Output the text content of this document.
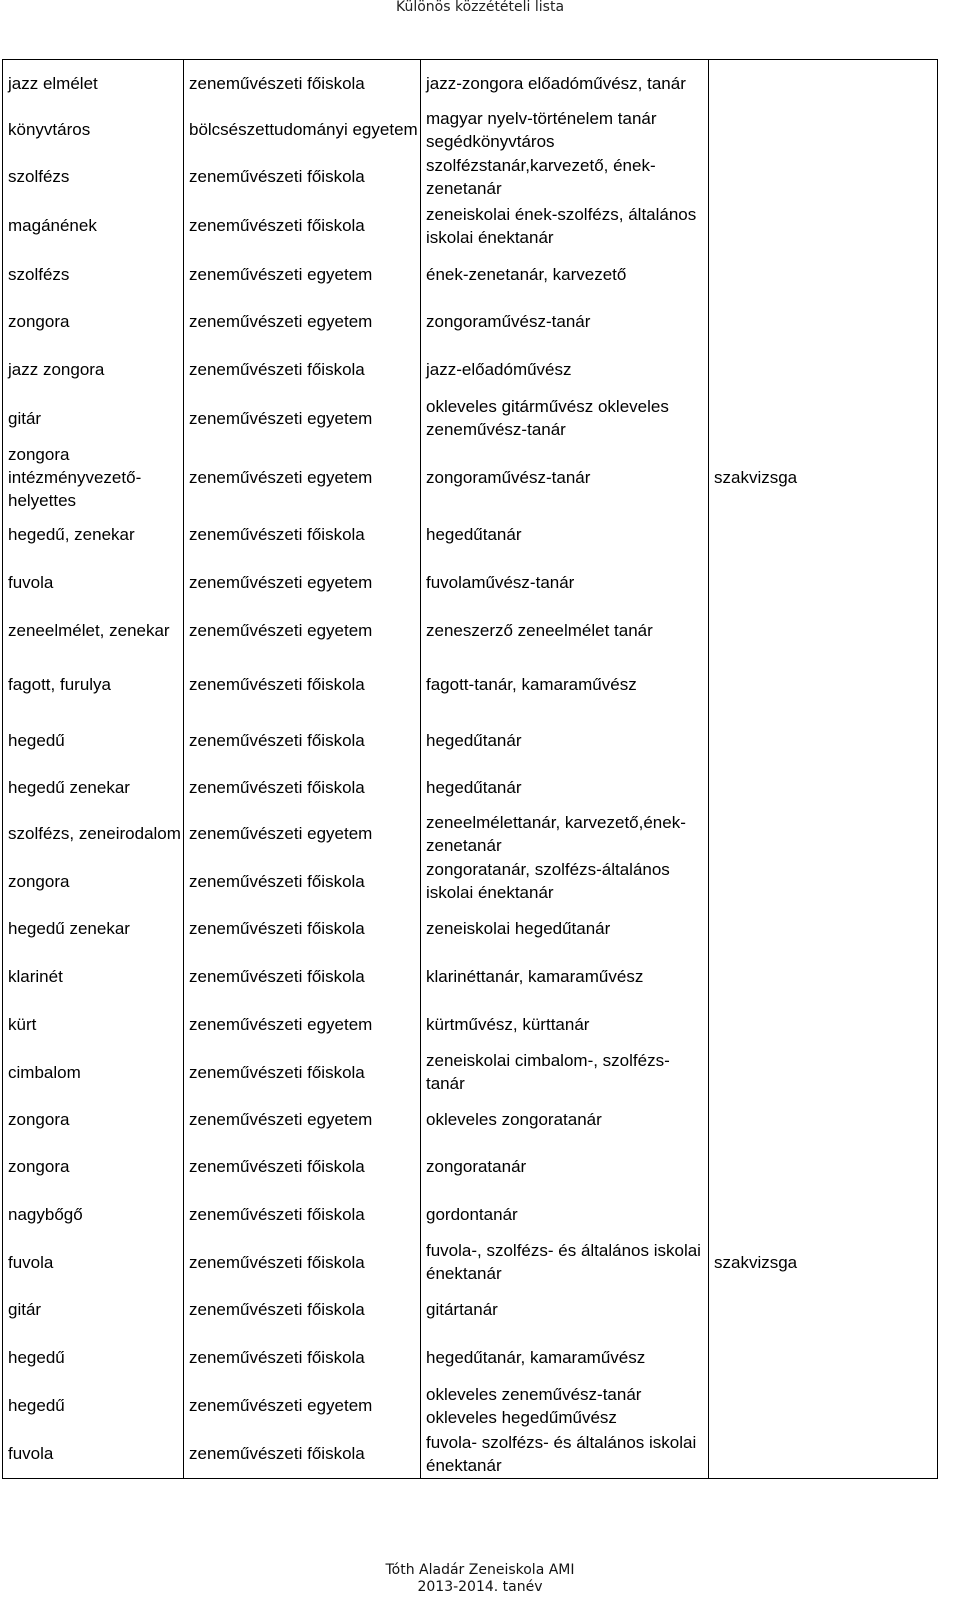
Különös közzétételi lista
jazz elmélet	zeneművészeti főiskola	jazz-zongora előadóművész, tanár	
könyvtáros	bölcsészettudományi egyetem	magyar nyelv-történelem tanár segédkönyvtáros	
szolfézs	zeneművészeti főiskola	szolfézstanár,karvezető, ének-zenetanár	
magánének	zeneművészeti főiskola	zeneiskolai ének-szolfézs, általános iskolai énektanár	
szolfézs	zeneművészeti egyetem	ének-zenetanár, karvezető	
zongora	zeneművészeti egyetem	zongoraművész-tanár	
jazz zongora	zeneművészeti főiskola	jazz-előadóművész	
gitár	zeneművészeti egyetem	okleveles gitárművész okleveles zeneművész-tanár	
zongora intézményvezető-helyettes	zeneművészeti egyetem	zongoraművész-tanár	szakvizsga
hegedű, zenekar	zeneművészeti főiskola	hegedűtanár	
fuvola	zeneművészeti egyetem	fuvolaművész-tanár	
zeneelmélet, zenekar	zeneművészeti egyetem	zeneszerző zeneelmélet tanár	
fagott, furulya	zeneművészeti főiskola	fagott-tanár, kamaraművész	
hegedű	zeneművészeti főiskola	hegedűtanár	
hegedű zenekar	zeneművészeti főiskola	hegedűtanár	
szolfézs, zeneirodalom	zeneművészeti egyetem	zeneelmélettanár, karvezető,ének-zenetanár	
zongora	zeneművészeti főiskola	zongoratanár, szolfézs-általános iskolai énektanár	
hegedű zenekar	zeneművészeti főiskola	zeneiskolai hegedűtanár	
klarinét	zeneművészeti főiskola	klarinéttanár, kamaraművész	
kürt	zeneművészeti egyetem	kürtművész, kürttanár	
cimbalom	zeneművészeti főiskola	zeneiskolai cimbalom-, szolfézs-tanár	
zongora	zeneművészeti egyetem	okleveles zongoratanár	
zongora	zeneművészeti főiskola	zongoratanár	
nagybőgő	zeneművészeti főiskola	gordontanár	
fuvola	zeneművészeti főiskola	fuvola-, szolfézs- és általános iskolai énektanár	szakvizsga
gitár	zeneművészeti főiskola	gitártanár	
hegedű	zeneművészeti főiskola	hegedűtanár, kamaraművész	
hegedű	zeneművészeti egyetem	okleveles zeneművész-tanár okleveles hegedűművész	
fuvola	zeneművészeti főiskola	fuvola- szolfézs- és általános iskolai énektanár	
Tóth Aladár Zeneiskola AMI
2013-2014. tanév
